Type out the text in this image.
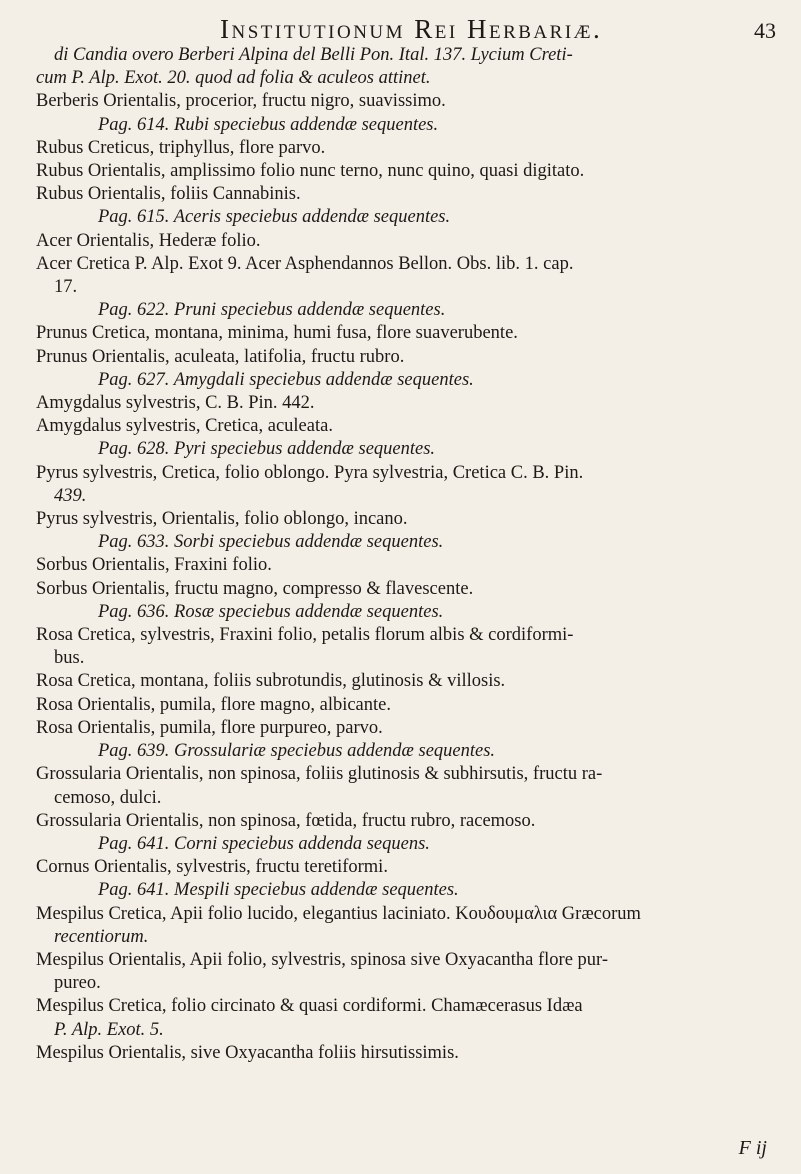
Institutionum Rei Herbariæ.	43
di Candia overo Berberi Alpina del Belli Pon. Ital. 137. Lycium Creti-
cum P. Alp. Exot. 20. quod ad folia & aculeos attinet.
Berberis Orientalis, procerior, fructu nigro, suavissimo.
Pag. 614. Rubi speciebus addendæ sequentes.
Rubus Creticus, triphyllus, flore parvo.
Rubus Orientalis, amplissimo folio nunc terno, nunc quino, quasi digitato.
Rubus Orientalis, foliis Cannabinis.
Pag. 615. Aceris speciebus addendæ sequentes.
Acer Orientalis, Hederæ folio.
Acer Cretica P. Alp. Exot 9. Acer Asphendannos Bellon. Obs. lib. 1. cap.
17.
Pag. 622. Pruni speciebus addendæ sequentes.
Prunus Cretica, montana, minima, humi fusa, flore suaverubente.
Prunus Orientalis, aculeata, latifolia, fructu rubro.
Pag. 627. Amygdali speciebus addendæ sequentes.
Amygdalus sylvestris, C. B. Pin. 442.
Amygdalus sylvestris, Cretica, aculeata.
Pag. 628. Pyri speciebus addendæ sequentes.
Pyrus sylvestris, Cretica, folio oblongo. Pyra sylvestria, Cretica C. B. Pin.
439.
Pyrus sylvestris, Orientalis, folio oblongo, incano.
Pag. 633. Sorbi speciebus addendæ sequentes.
Sorbus Orientalis, Fraxini folio.
Sorbus Orientalis, fructu magno, compresso & flavescente.
Pag. 636. Rosæ speciebus addendæ sequentes.
Rosa Cretica, sylvestris, Fraxini folio, petalis florum albis & cordiformi-
bus.
Rosa Cretica, montana, foliis subrotundis, glutinosis & villosis.
Rosa Orientalis, pumila, flore magno, albicante.
Rosa Orientalis, pumila, flore purpureo, parvo.
Pag. 639. Grossulariæ speciebus addendæ sequentes.
Grossularia Orientalis, non spinosa, foliis glutinosis & subhirsutis, fructu ra-
cemoso, dulci.
Grossularia Orientalis, non spinosa, fœtida, fructu rubro, racemoso.
Pag. 641. Corni speciebus addenda sequens.
Cornus Orientalis, sylvestris, fructu teretiformi.
Pag. 641. Mespili speciebus addendæ sequentes.
Mespilus Cretica, Apii folio lucido, elegantius laciniato. Κουδουμαλια Græcorum
recentiorum.
Mespilus Orientalis, Apii folio, sylvestris, spinosa sive Oxyacantha flore pur-
pureo.
Mespilus Cretica, folio circinato & quasi cordiformi. Chamæcerasus Idæa
P. Alp. Exot. 5.
Mespilus Orientalis, sive Oxyacantha foliis hirsutissimis.
F ij
